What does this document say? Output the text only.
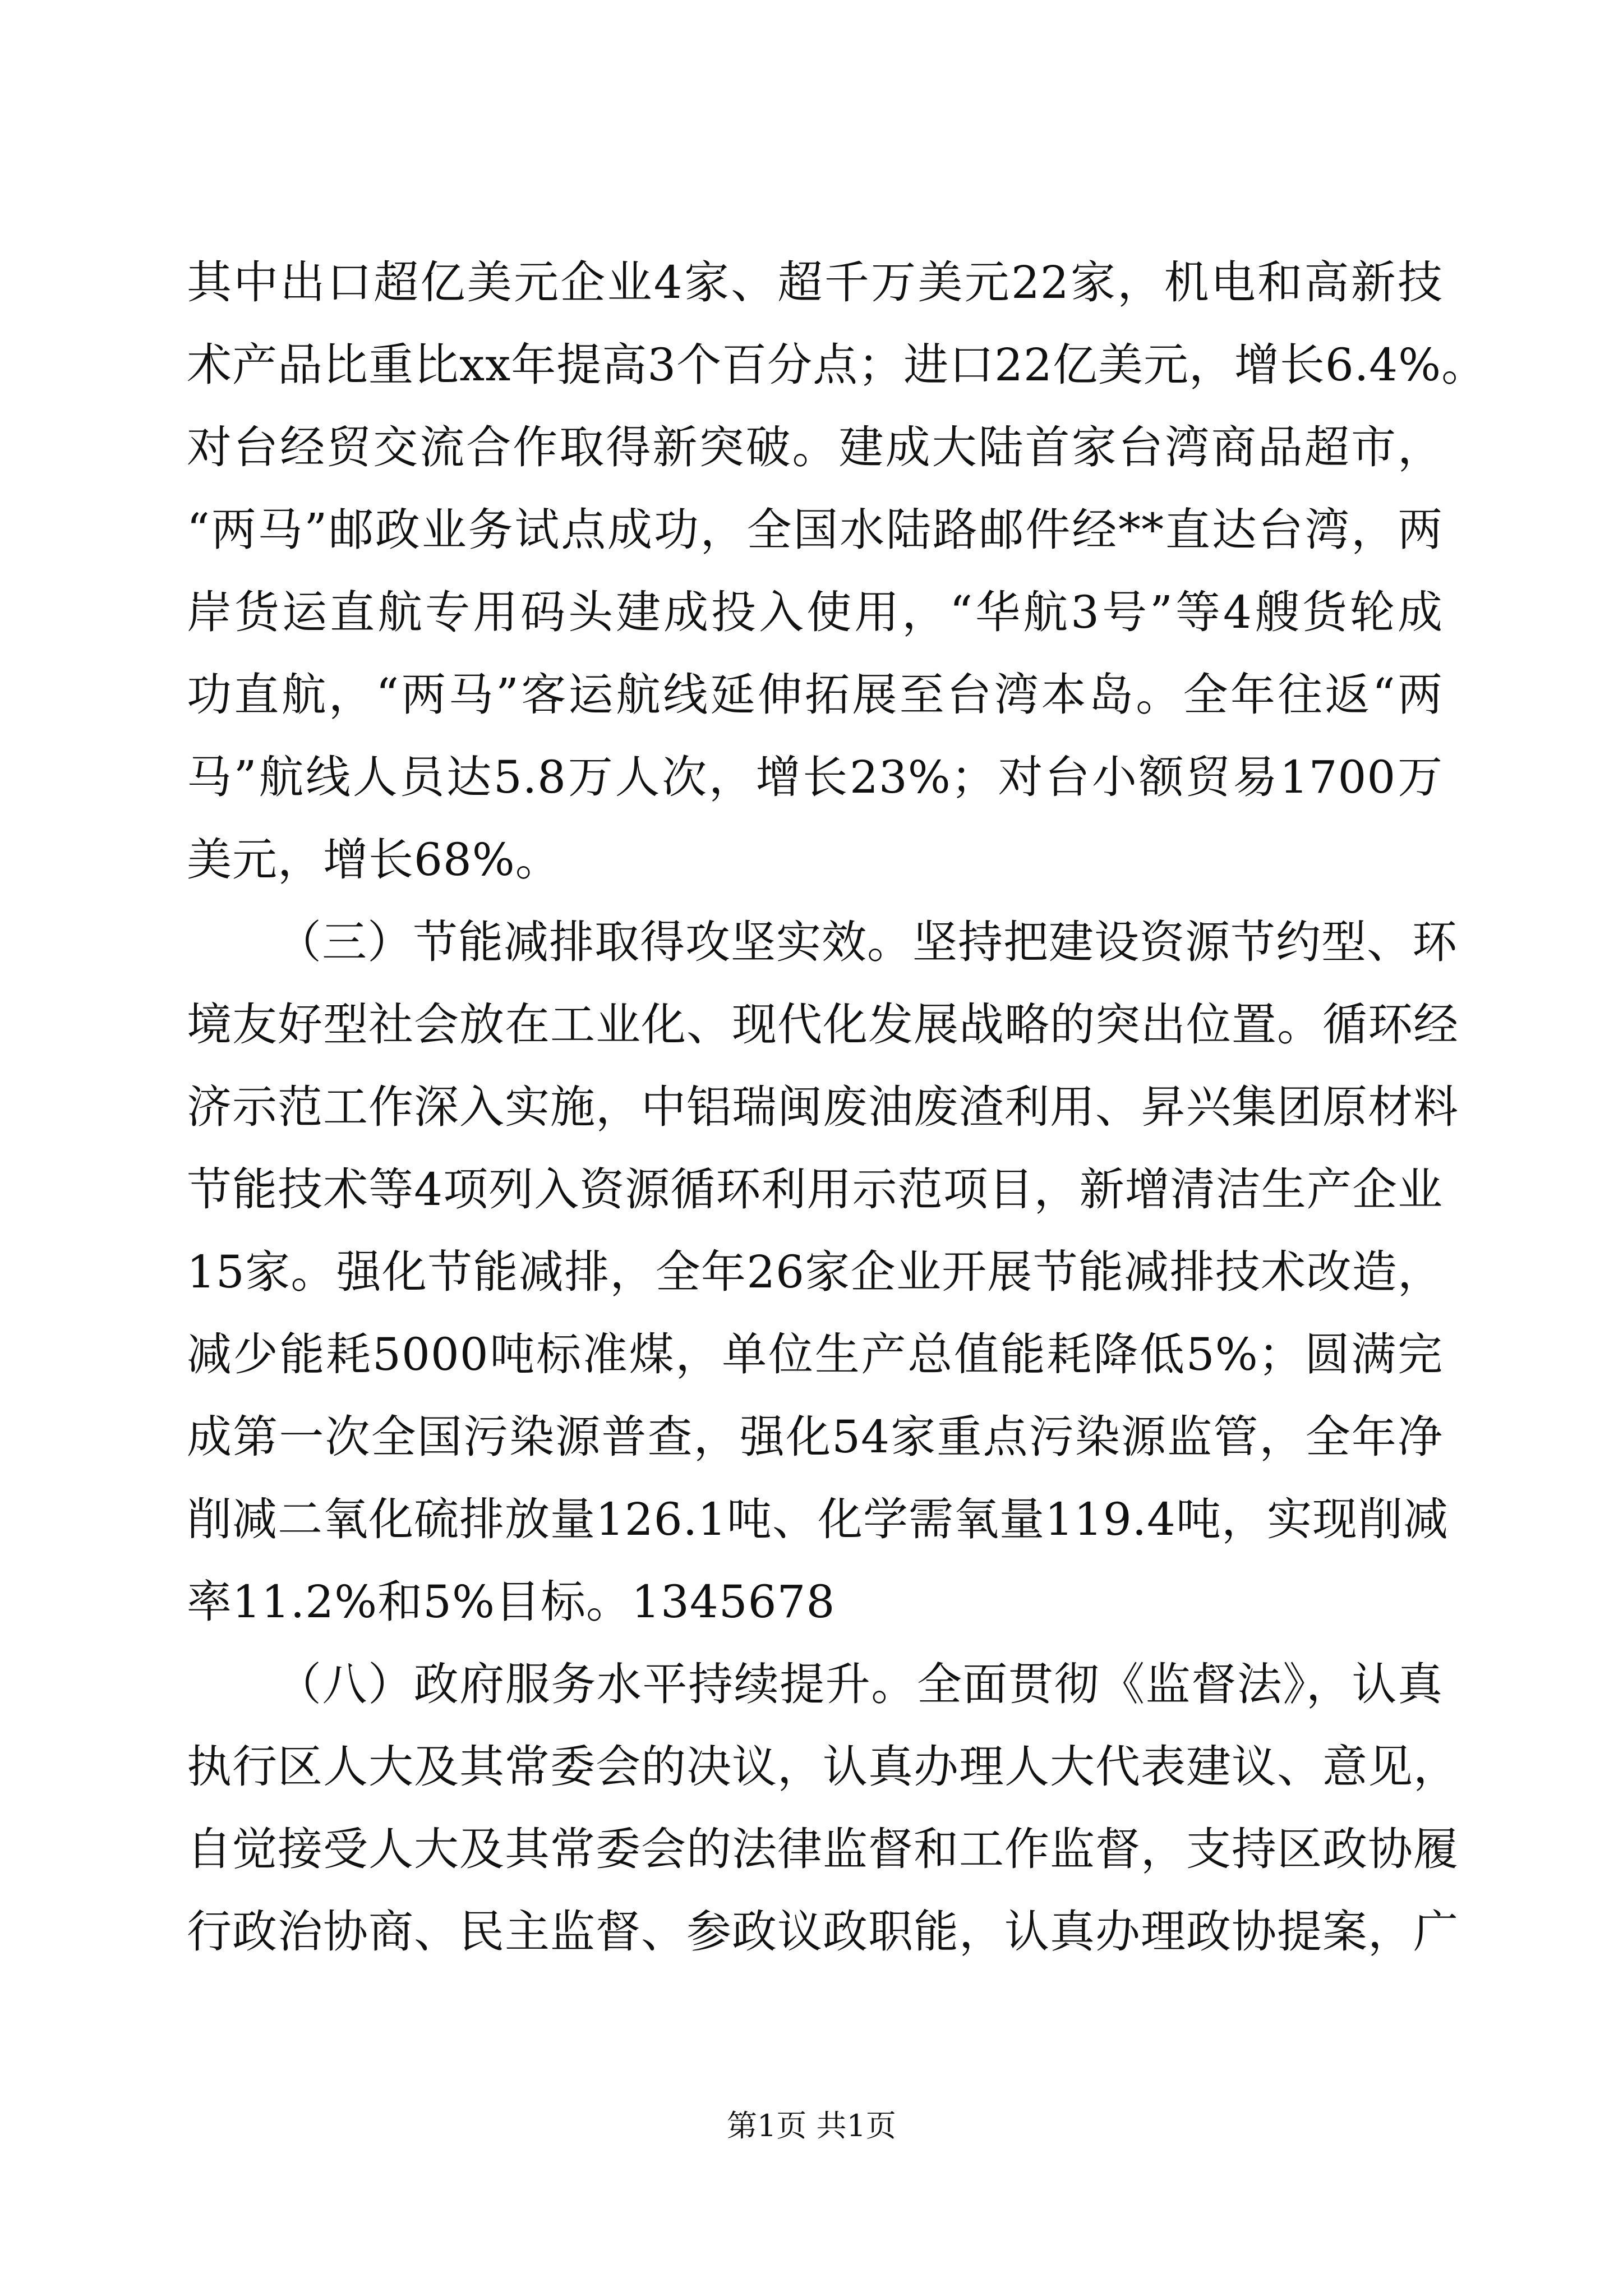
其中出口超亿美元企业4家、超千万美元22家，机电和高新技
术产品比重比xx年提高3个百分点；进口22亿美元，增长6.4%。
对台经贸交流合作取得新突破。建成大陆首家台湾商品超市，
“两马”邮政业务试点成功，全国水陆路邮件经**直达台湾，两
岸货运直航专用码头建成投入使用，“华航3号”等4艘货轮成
功直航，“两马”客运航线延伸拓展至台湾本岛。全年往返“两
马”航线人员达5.8万人次，增长23%；对台小额贸易1700万
美元，增长68%。
（三）节能减排取得攻坚实效。坚持把建设资源节约型、环
境友好型社会放在工业化、现代化发展战略的突出位置。循环经
济示范工作深入实施，中铝瑞闽废油废渣利用、昇兴集团原材料
节能技术等4项列入资源循环利用示范项目，新增清洁生产企业
15家。强化节能减排，全年26家企业开展节能减排技术改造，
减少能耗5000吨标准煤，单位生产总值能耗降低5%；圆满完
成第一次全国污染源普查，强化54家重点污染源监管，全年净
削减二氧化硫排放量126.1吨、化学需氧量119.4吨，实现削减
率11.2%和5%目标。1345678
（八）政府服务水平持续提升。全面贯彻《监督法》，认真
执行区人大及其常委会的决议，认真办理人大代表建议、意见，
自觉接受人大及其常委会的法律监督和工作监督，支持区政协履
行政治协商、民主监督、参政议政职能，认真办理政协提案，广
第1页 共1页
